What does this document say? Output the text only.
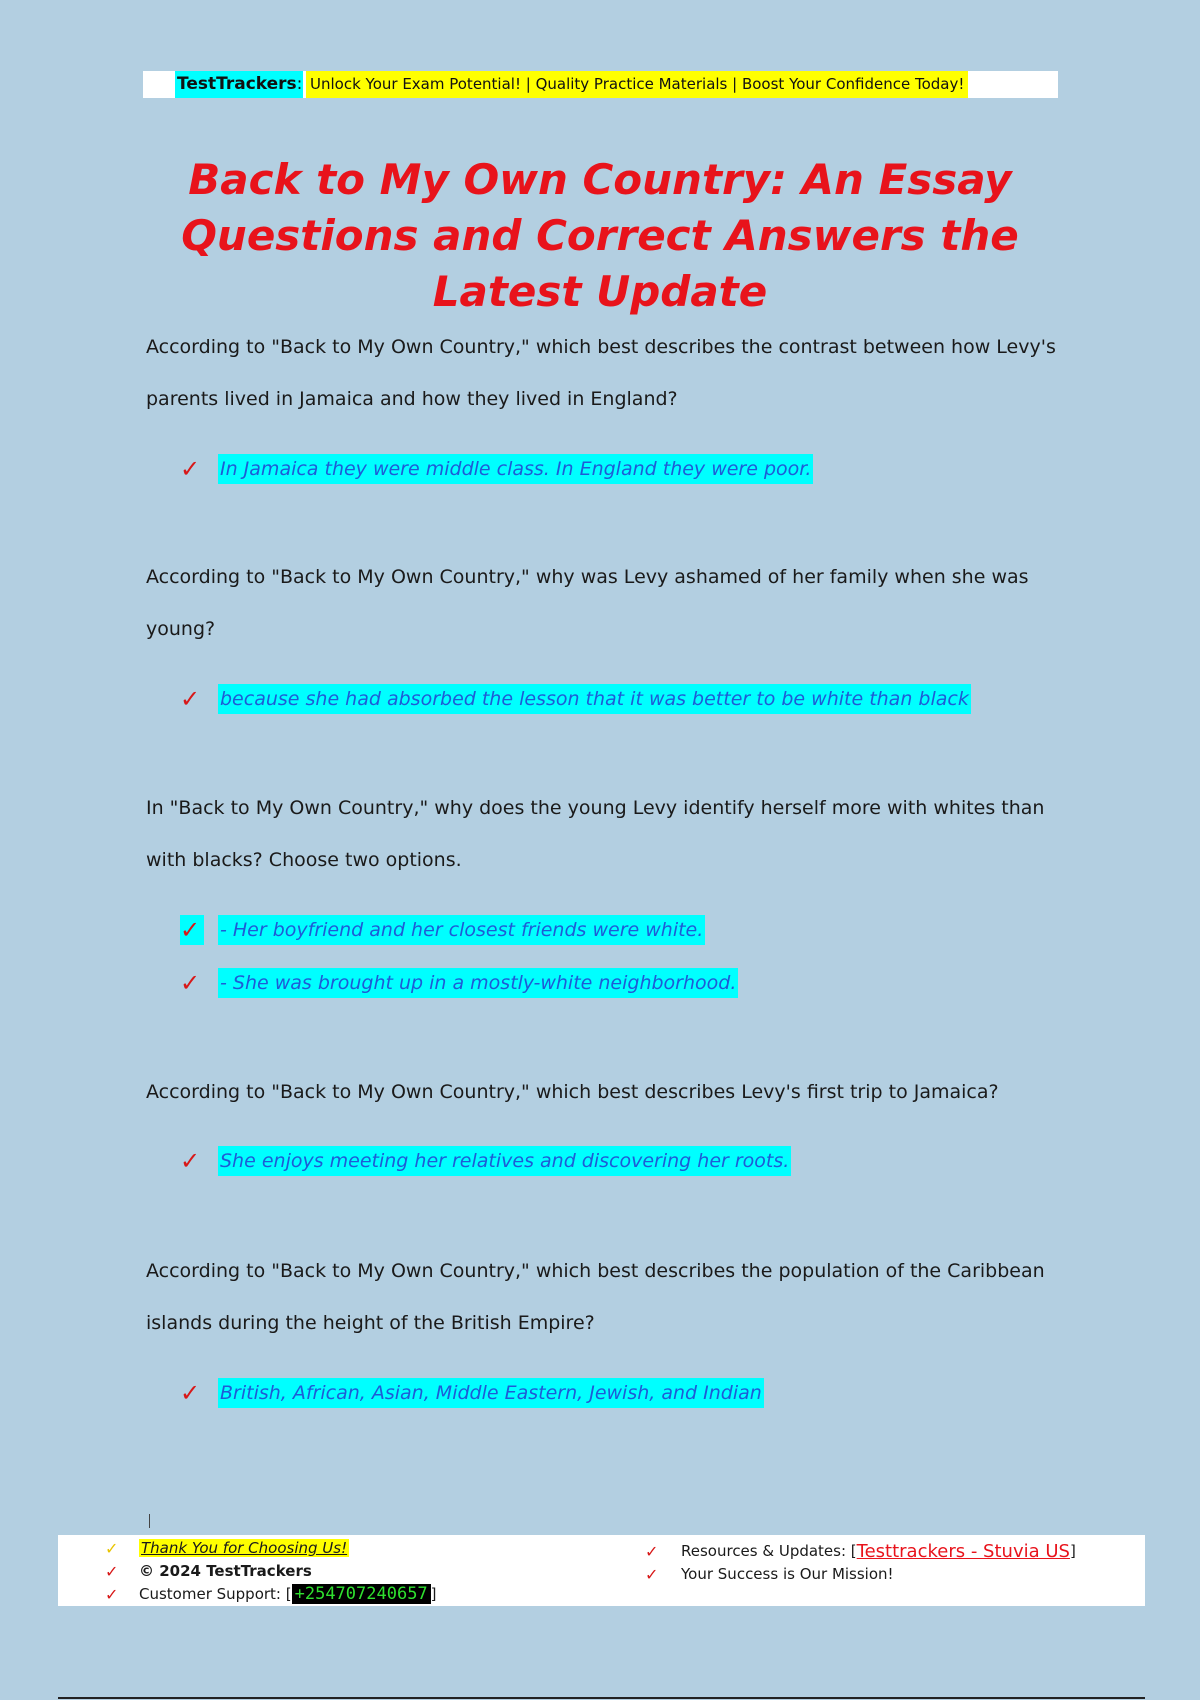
TestTrackers: Unlock Your Exam Potential! | Quality Practice Materials | Boost Your Confidence Today!
Back to My Own Country: An Essay Questions and Correct Answers the Latest Update

According to "Back to My Own Country," which best describes the contrast between how Levy's parents lived in Jamaica and how they lived in England?

✓	In Jamaica they were middle class. In England they were poor.

According to "Back to My Own Country," why was Levy ashamed of her family when she was young?

✓	because she had absorbed the lesson that it was better to be white than black

In "Back to My Own Country," why does the young Levy identify herself more with whites than with blacks? Choose two options.

✓ - Her boyfriend and her closest friends were white.
✓	- She was brought up in a mostly-white neighborhood.

According to "Back to My Own Country," which best describes Levy's first trip to Jamaica?

✓	She enjoys meeting her relatives and discovering her roots.

According to "Back to My Own Country," which best describes the population of the Caribbean islands during the height of the British Empire?

✓	British, African, Asian, Middle Eastern, Jewish, and Indian
✓	Thank You for Choosing Us!
✓	© 2024 TestTrackers
✓	Customer Support: [ +254707240657 ]
✓	Resources & Updates: [ Testtrackers - Stuvia US ]
✓	Your Success is Our Mission!
